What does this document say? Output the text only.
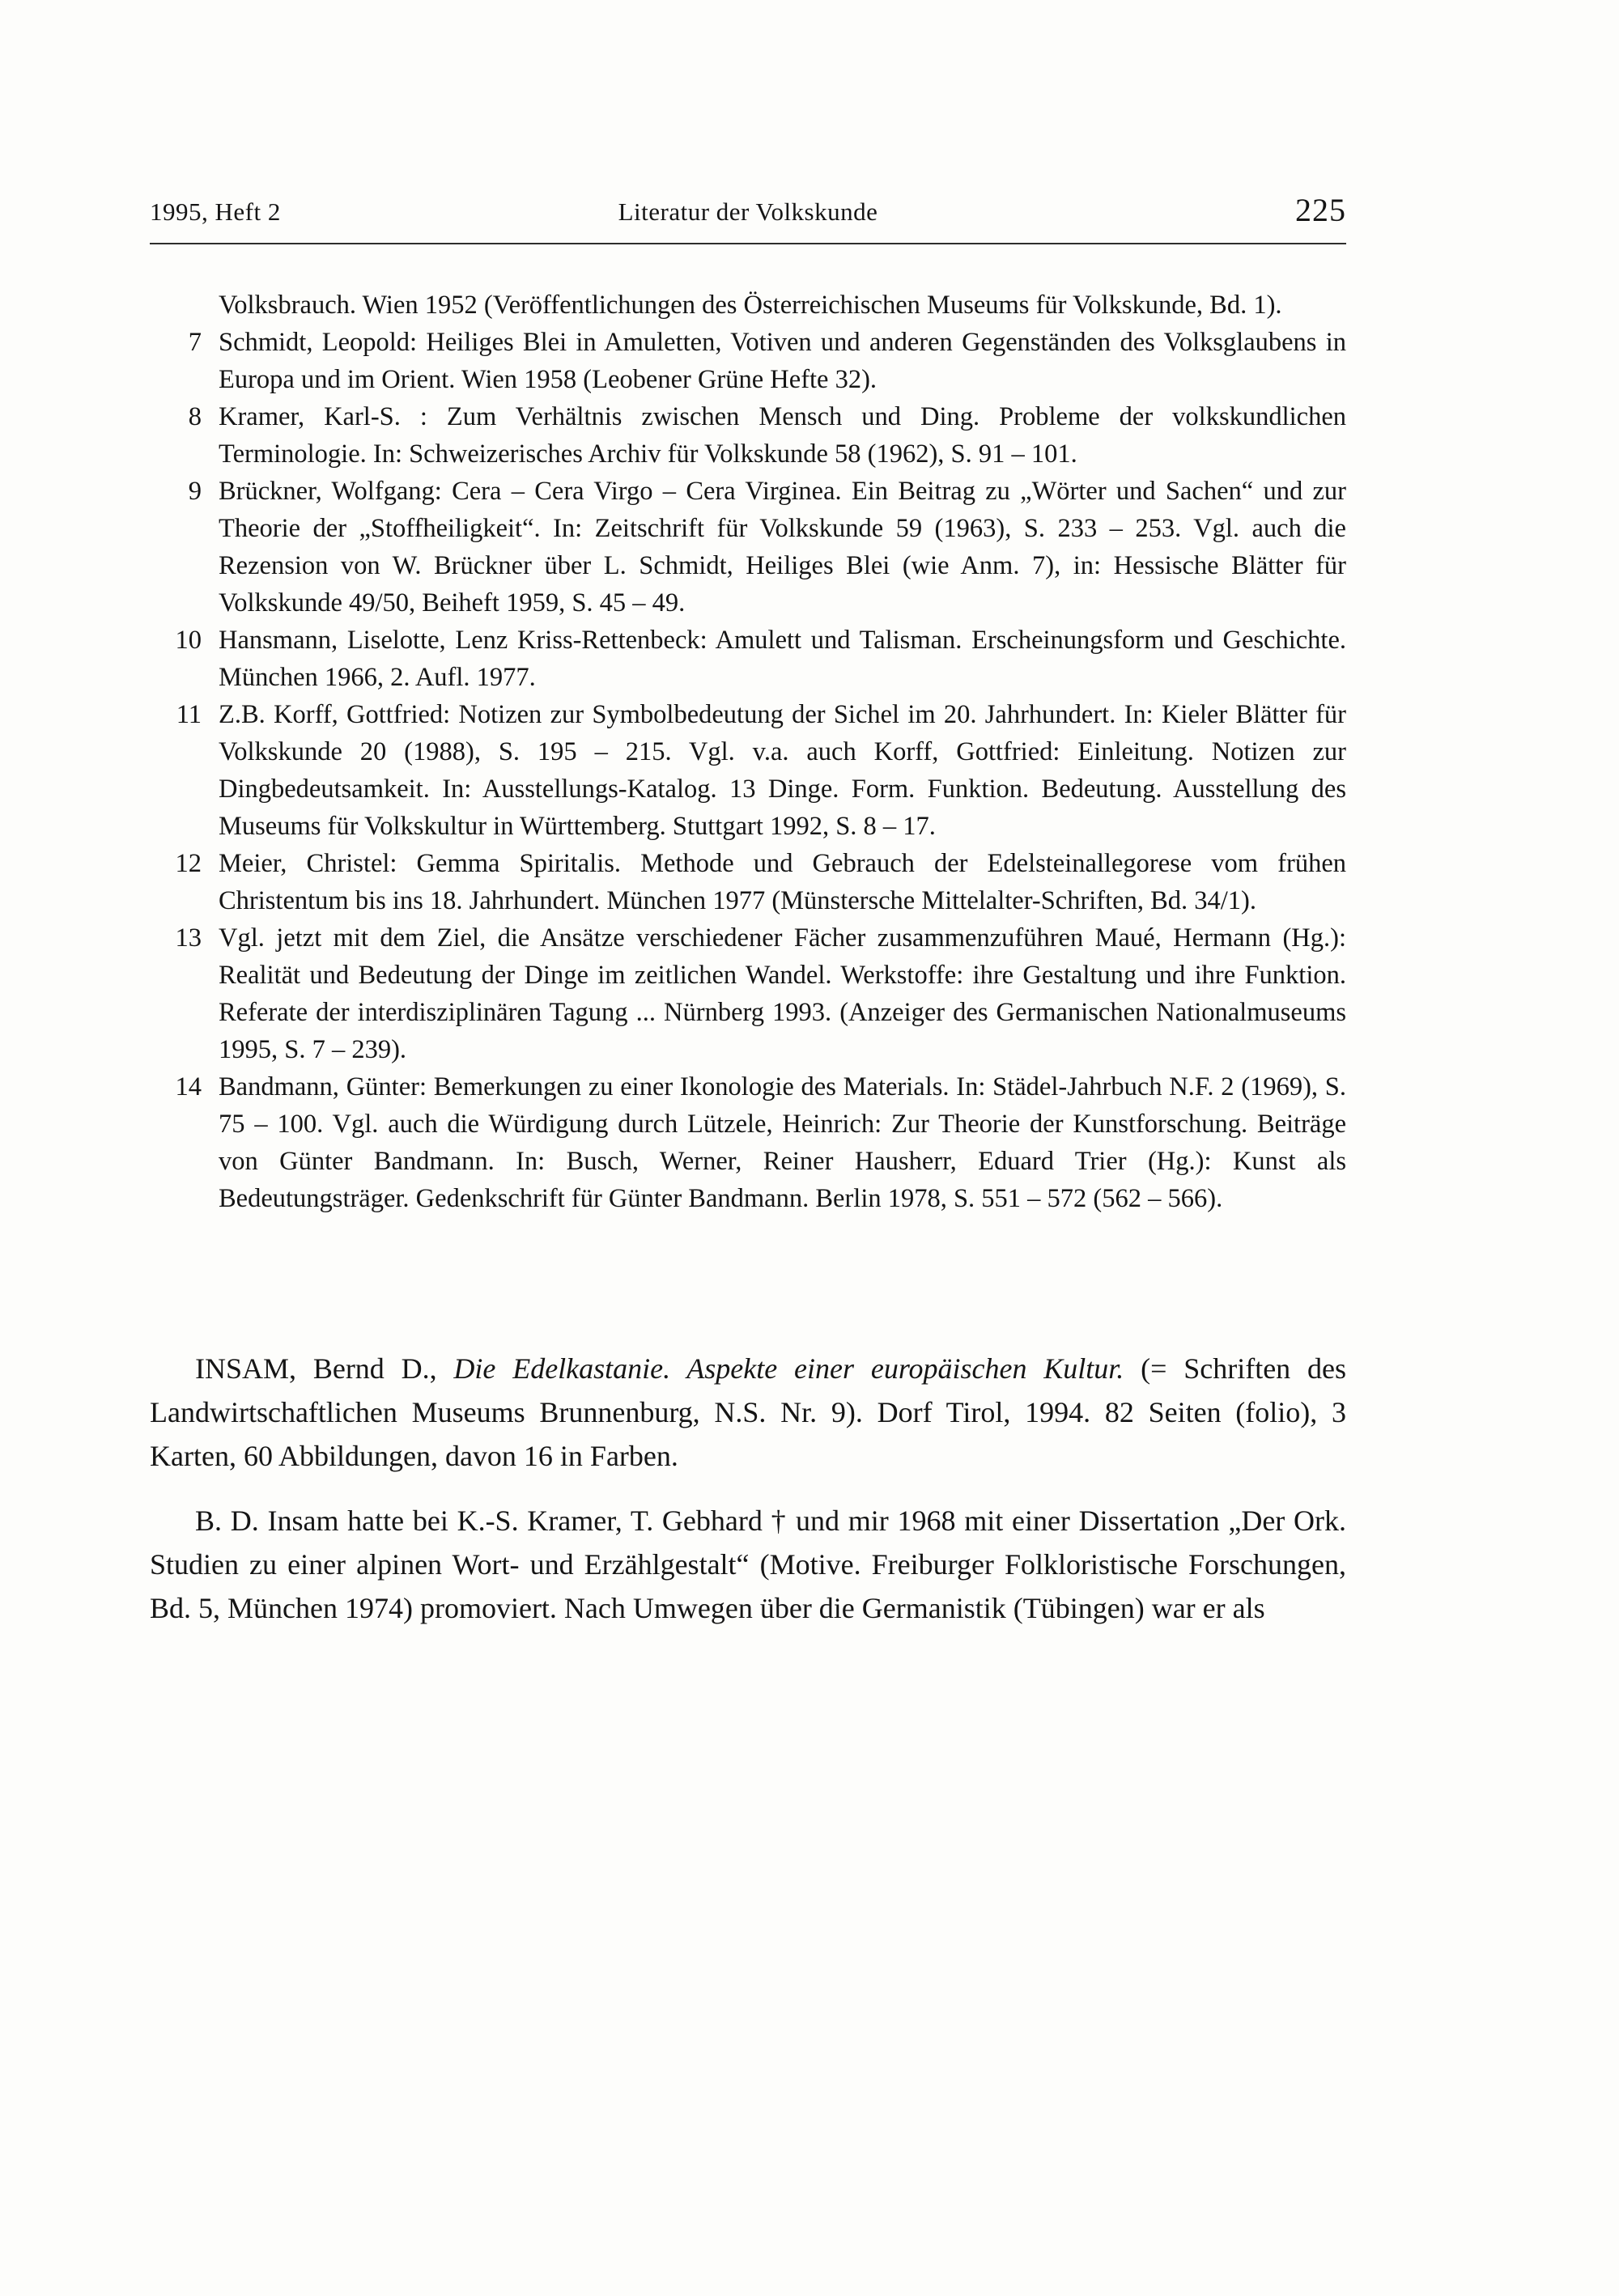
1995, Heft 2	Literatur der Volkskunde	225
Volksbrauch. Wien 1952 (Veröffentlichungen des Österreichischen Museums für Volkskunde, Bd. 1).
7 Schmidt, Leopold: Heiliges Blei in Amuletten, Votiven und anderen Gegenständen des Volksglaubens in Europa und im Orient. Wien 1958 (Leobener Grüne Hefte 32).
8 Kramer, Karl-S. : Zum Verhältnis zwischen Mensch und Ding. Probleme der volkskundlichen Terminologie. In: Schweizerisches Archiv für Volkskunde 58 (1962), S. 91 – 101.
9 Brückner, Wolfgang: Cera – Cera Virgo – Cera Virginea. Ein Beitrag zu „Wörter und Sachen“ und zur Theorie der „Stoffheiligkeit“. In: Zeitschrift für Volkskunde 59 (1963), S. 233 – 253. Vgl. auch die Rezension von W. Brückner über L. Schmidt, Heiliges Blei (wie Anm. 7), in: Hessische Blätter für Volkskunde 49/50, Beiheft 1959, S. 45 – 49.
10 Hansmann, Liselotte, Lenz Kriss-Rettenbeck: Amulett und Talisman. Erscheinungsform und Geschichte. München 1966, 2. Aufl. 1977.
11 Z.B. Korff, Gottfried: Notizen zur Symbolbedeutung der Sichel im 20. Jahrhundert. In: Kieler Blätter für Volkskunde 20 (1988), S. 195 – 215. Vgl. v.a. auch Korff, Gottfried: Einleitung. Notizen zur Dingbedeutsamkeit. In: Ausstellungs-Katalog. 13 Dinge. Form. Funktion. Bedeutung. Ausstellung des Museums für Volkskultur in Württemberg. Stuttgart 1992, S. 8 – 17.
12 Meier, Christel: Gemma Spiritalis. Methode und Gebrauch der Edelsteinallegorese vom frühen Christentum bis ins 18. Jahrhundert. München 1977 (Münstersche Mittelalter-Schriften, Bd. 34/1).
13 Vgl. jetzt mit dem Ziel, die Ansätze verschiedener Fächer zusammenzuführen Maué, Hermann (Hg.): Realität und Bedeutung der Dinge im zeitlichen Wandel. Werkstoffe: ihre Gestaltung und ihre Funktion. Referate der interdisziplinären Tagung ... Nürnberg 1993. (Anzeiger des Germanischen Nationalmuseums 1995, S. 7 – 239).
14 Bandmann, Günter: Bemerkungen zu einer Ikonologie des Materials. In: Städel-Jahrbuch N.F. 2 (1969), S. 75 – 100. Vgl. auch die Würdigung durch Lützele, Heinrich: Zur Theorie der Kunstforschung. Beiträge von Günter Bandmann. In: Busch, Werner, Reiner Hausherr, Eduard Trier (Hg.): Kunst als Bedeutungsträger. Gedenkschrift für Günter Bandmann. Berlin 1978, S. 551 – 572 (562 – 566).

INSAM, Bernd D., Die Edelkastanie. Aspekte einer europäischen Kultur. (= Schriften des Landwirtschaftlichen Museums Brunnenburg, N.S. Nr. 9). Dorf Tirol, 1994. 82 Seiten (folio), 3 Karten, 60 Abbildungen, davon 16 in Farben.

B. D. Insam hatte bei K.-S. Kramer, T. Gebhard † und mir 1968 mit einer Dissertation „Der Ork. Studien zu einer alpinen Wort- und Erzählgestalt“ (Motive. Freiburger Folkloristische Forschungen, Bd. 5, München 1974) promoviert. Nach Umwegen über die Germanistik (Tübingen) war er als
